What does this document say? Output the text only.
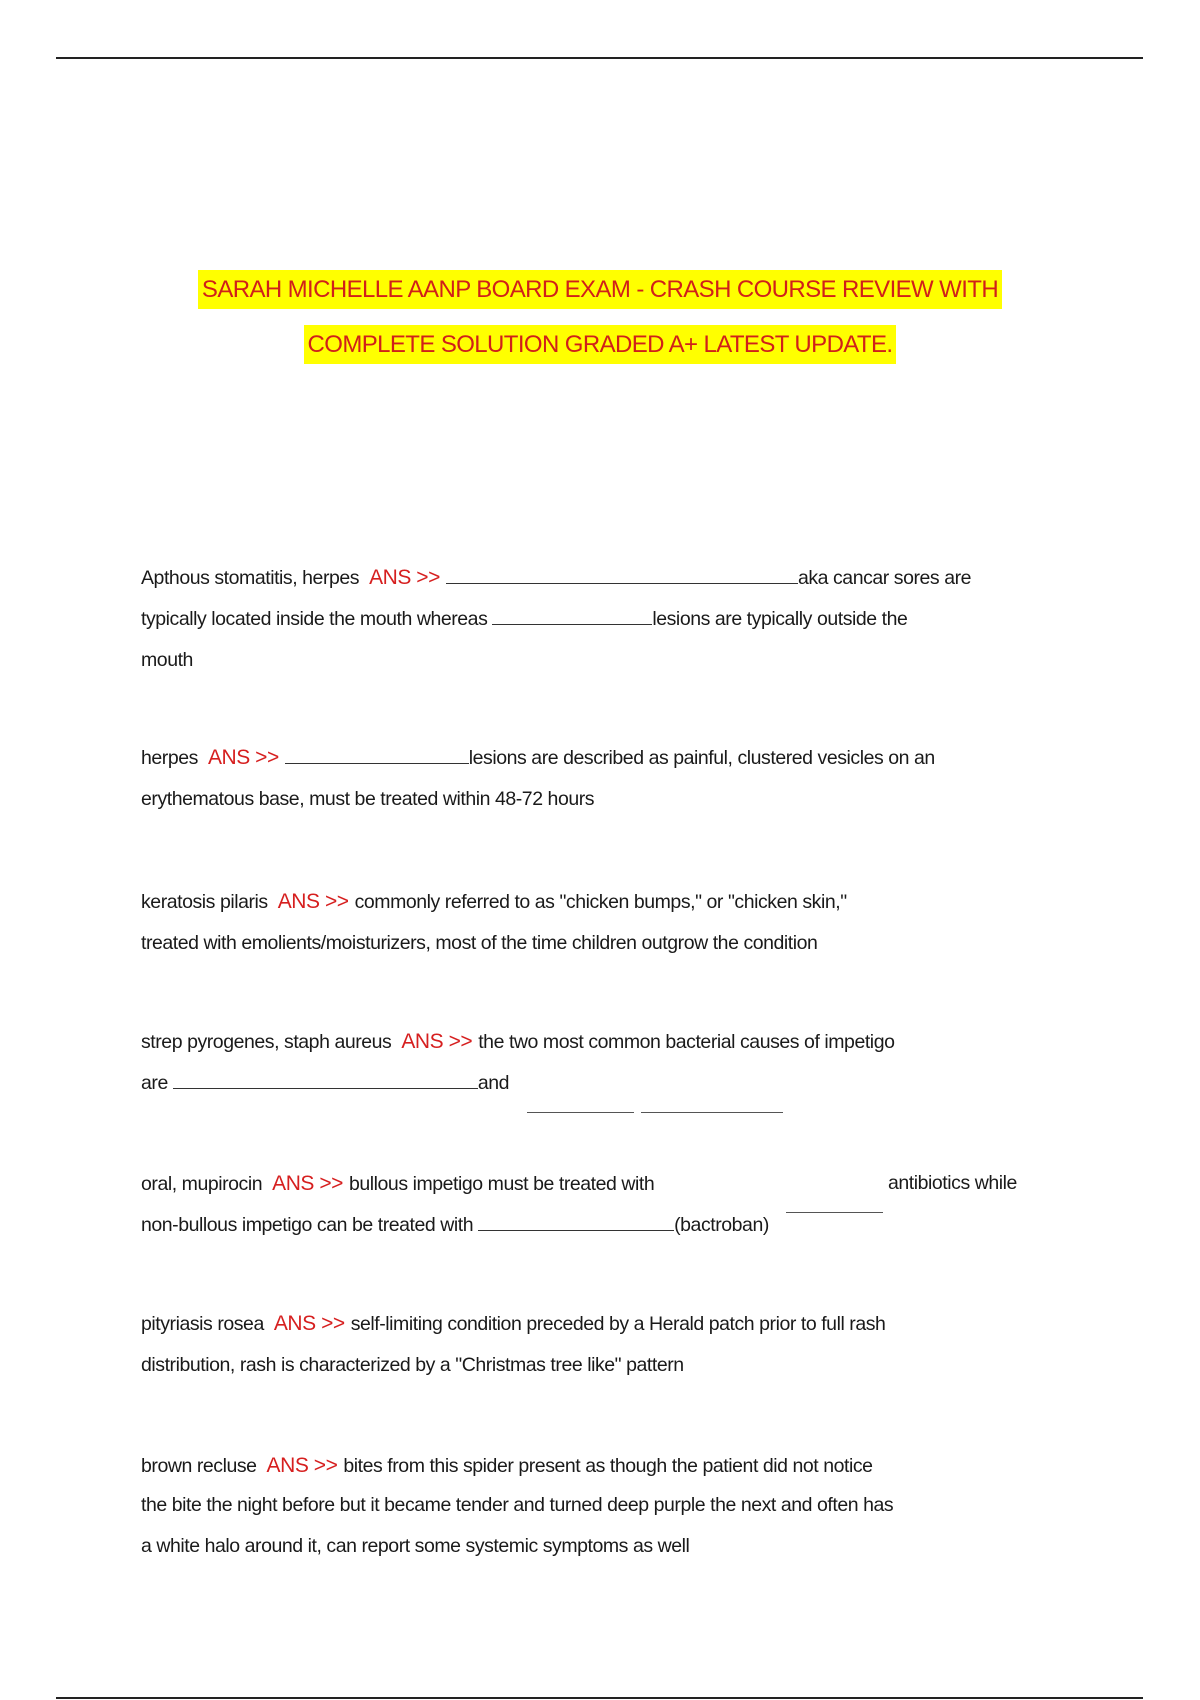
SARAH MICHELLE AANP BOARD EXAM - CRASH COURSE REVIEW WITH
COMPLETE SOLUTION GRADED A+ LATEST UPDATE.
Apthous stomatitis, herpes ANS >>	aka cancar sores are
typically located inside the mouth whereas	lesions are typically outside the
mouth
herpes ANS >>	lesions are described as painful, clustered vesicles on an
erythematous base, must be treated within 48-72 hours
keratosis pilaris ANS >> commonly referred to as "chicken bumps," or "chicken skin,"
treated with emolients/moisturizers, most of the time children outgrow the condition
strep pyrogenes, staph aureus ANS >> the two most common bacterial causes of impetigo
are	and
oral, mupirocin ANS >> bullous impetigo must be treated with	antibiotics while
non-bullous impetigo can be treated with	(bactroban)
pityriasis rosea ANS >> self-limiting condition preceded by a Herald patch prior to full rash
distribution, rash is characterized by a "Christmas tree like" pattern
brown recluse ANS >> bites from this spider present as though the patient did not notice
the bite the night before but it became tender and turned deep purple the next and often has
a white halo around it, can report some systemic symptoms as well
